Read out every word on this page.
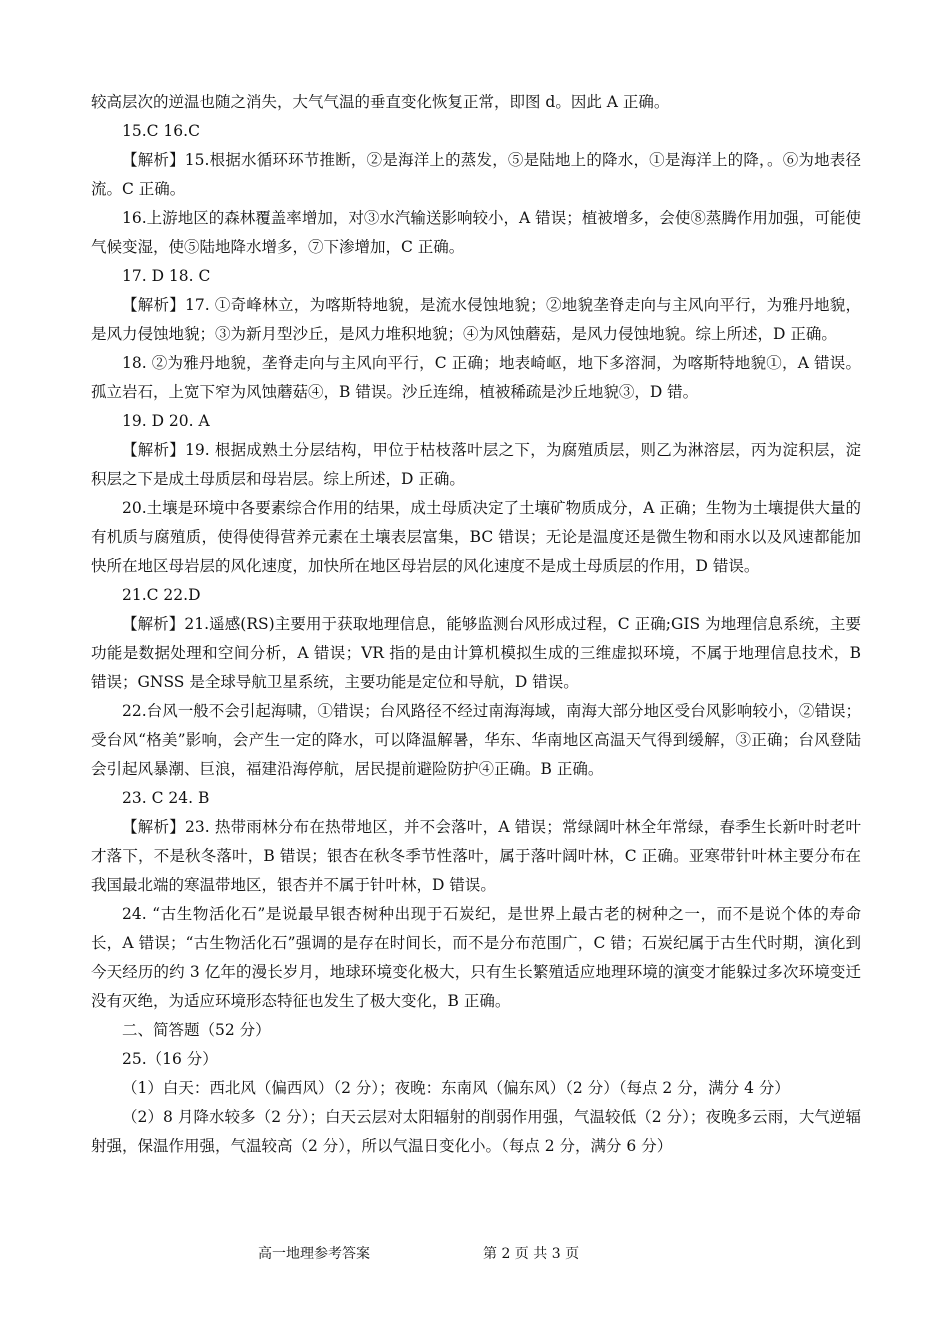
较高层次的逆温也随之消失，大气气温的垂直变化恢复正常，即图 d。因此 A 正确。

15.C 16.C

【解析】15.根据水循环环节推断，②是海洋上的蒸发，⑤是陆地上的降水，①是海洋上的降，。⑥为地表径流。C 正确。

16.上游地区的森林覆盖率增加，对③水汽输送影响较小，A 错误；植被增多，会使⑧蒸腾作用加强，可能使气候变湿，使⑤陆地降水增多，⑦下渗增加，C 正确。

17. D 18. C

【解析】17. ①奇峰林立，为喀斯特地貌，是流水侵蚀地貌；②地貌垄脊走向与主风向平行，为雅丹地貌，是风力侵蚀地貌；③为新月型沙丘，是风力堆积地貌；④为风蚀蘑菇，是风力侵蚀地貌。综上所述，D 正确。

18. ②为雅丹地貌，垄脊走向与主风向平行，C 正确；地表崎岖，地下多溶洞，为喀斯特地貌①，A 错误。孤立岩石，上宽下窄为风蚀蘑菇④，B 错误。沙丘连绵，植被稀疏是沙丘地貌③，D 错。

19. D 20. A

【解析】19. 根据成熟土分层结构，甲位于枯枝落叶层之下，为腐殖质层，则乙为淋溶层，丙为淀积层，淀积层之下是成土母质层和母岩层。综上所述，D 正确。

20.土壤是环境中各要素综合作用的结果，成土母质决定了土壤矿物质成分，A 正确；生物为土壤提供大量的有机质与腐殖质，使得使得营养元素在土壤表层富集，BC 错误；无论是温度还是微生物和雨水以及风速都能加快所在地区母岩层的风化速度，加快所在地区母岩层的风化速度不是成土母质层的作用，D 错误。

21.C 22.D

【解析】21.遥感(RS)主要用于获取地理信息，能够监测台风形成过程，C 正确;GIS 为地理信息系统，主要功能是数据处理和空间分析，A 错误；VR 指的是由计算机模拟生成的三维虚拟环境，不属于地理信息技术，B 错误；GNSS 是全球导航卫星系统，主要功能是定位和导航，D 错误。

22.台风一般不会引起海啸，①错误；台风路径不经过南海海域，南海大部分地区受台风影响较小，②错误；受台风“格美”影响，会产生一定的降水，可以降温解暑，华东、华南地区高温天气得到缓解，③正确；台风登陆会引起风暴潮、巨浪，福建沿海停航，居民提前避险防护④正确。B 正确。

23. C 24. B

【解析】23. 热带雨林分布在热带地区，并不会落叶，A 错误；常绿阔叶林全年常绿，春季生长新叶时老叶才落下，不是秋冬落叶，B 错误；银杏在秋冬季节性落叶，属于落叶阔叶林，C 正确。亚寒带针叶林主要分布在我国最北端的寒温带地区，银杏并不属于针叶林，D 错误。

24. “古生物活化石”是说最早银杏树种出现于石炭纪，是世界上最古老的树种之一，而不是说个体的寿命长，A 错误；“古生物活化石”强调的是存在时间长，而不是分布范围广，C 错；石炭纪属于古生代时期，演化到今天经历的约 3 亿年的漫长岁月，地球环境变化极大，只有生长繁殖适应地理环境的演变才能躲过多次环境变迁没有灭绝，为适应环境形态特征也发生了极大变化，B 正确。

二、简答题（52 分）

25.（16 分）

（1）白天：西北风（偏西风）（2 分）；夜晚：东南风（偏东风）（2 分）（每点 2 分，满分 4 分）

（2）8 月降水较多（2 分）；白天云层对太阳辐射的削弱作用强，气温较低（2 分）；夜晚多云雨，大气逆辐射强，保温作用强，气温较高（2 分），所以气温日变化小。（每点 2 分，满分 6 分）

高一地理参考答案	第 2 页 共 3 页
